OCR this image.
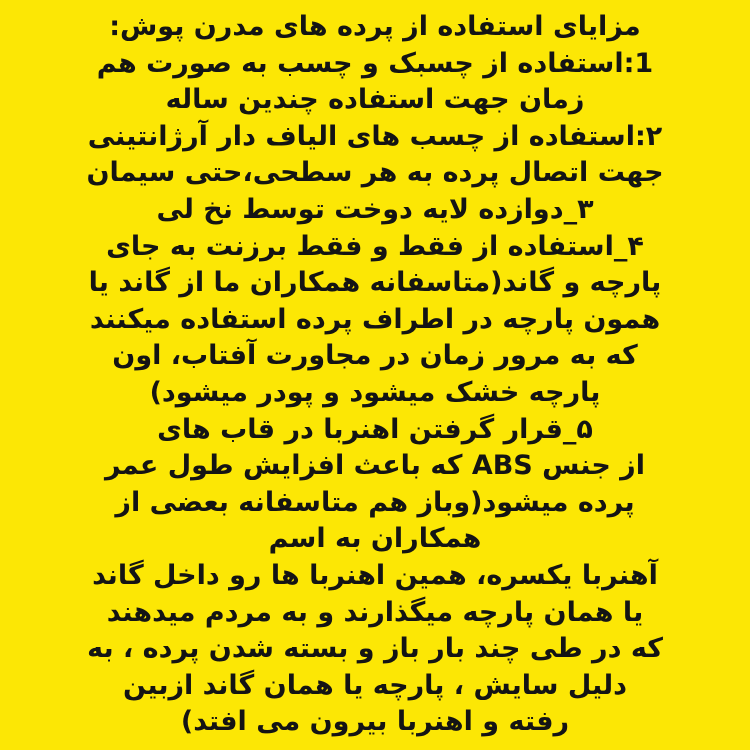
مزایای استفاده از پرده های مدرن پوش:
1:استفاده از چسبک و چسب به صورت هم
زمان جهت استفاده چندین ساله
۲:استفاده از چسب های الیاف دار آرژانتینی
جهت اتصال پرده به هر سطحی،حتی سیمان
۳_دوازده لایه دوخت توسط نخ لی
۴_استفاده از فقط و فقط برزنت به جای
پارچه و گاند(متاسفانه همکاران ما از گاند یا
همون پارچه در اطراف پرده استفاده میکنند
که به مرور زمان در مجاورت آفتاب، اون
پارچه خشک میشود و پودر میشود)
۵_قرار گرفتن اهنربا در قاب های
از جنس ABS که باعث افزایش طول عمر
پرده میشود(وباز هم متاسفانه بعضی از
همکاران به اسم
آهنربا یکسره، همین اهنربا ها رو داخل گاند
یا همان پارچه میگذارند و به مردم میدهند
که در طی چند بار باز و بسته شدن پرده ، به
دلیل سایش ، پارچه یا همان گاند ازبین
رفته و اهنربا بیرون می افتد)
